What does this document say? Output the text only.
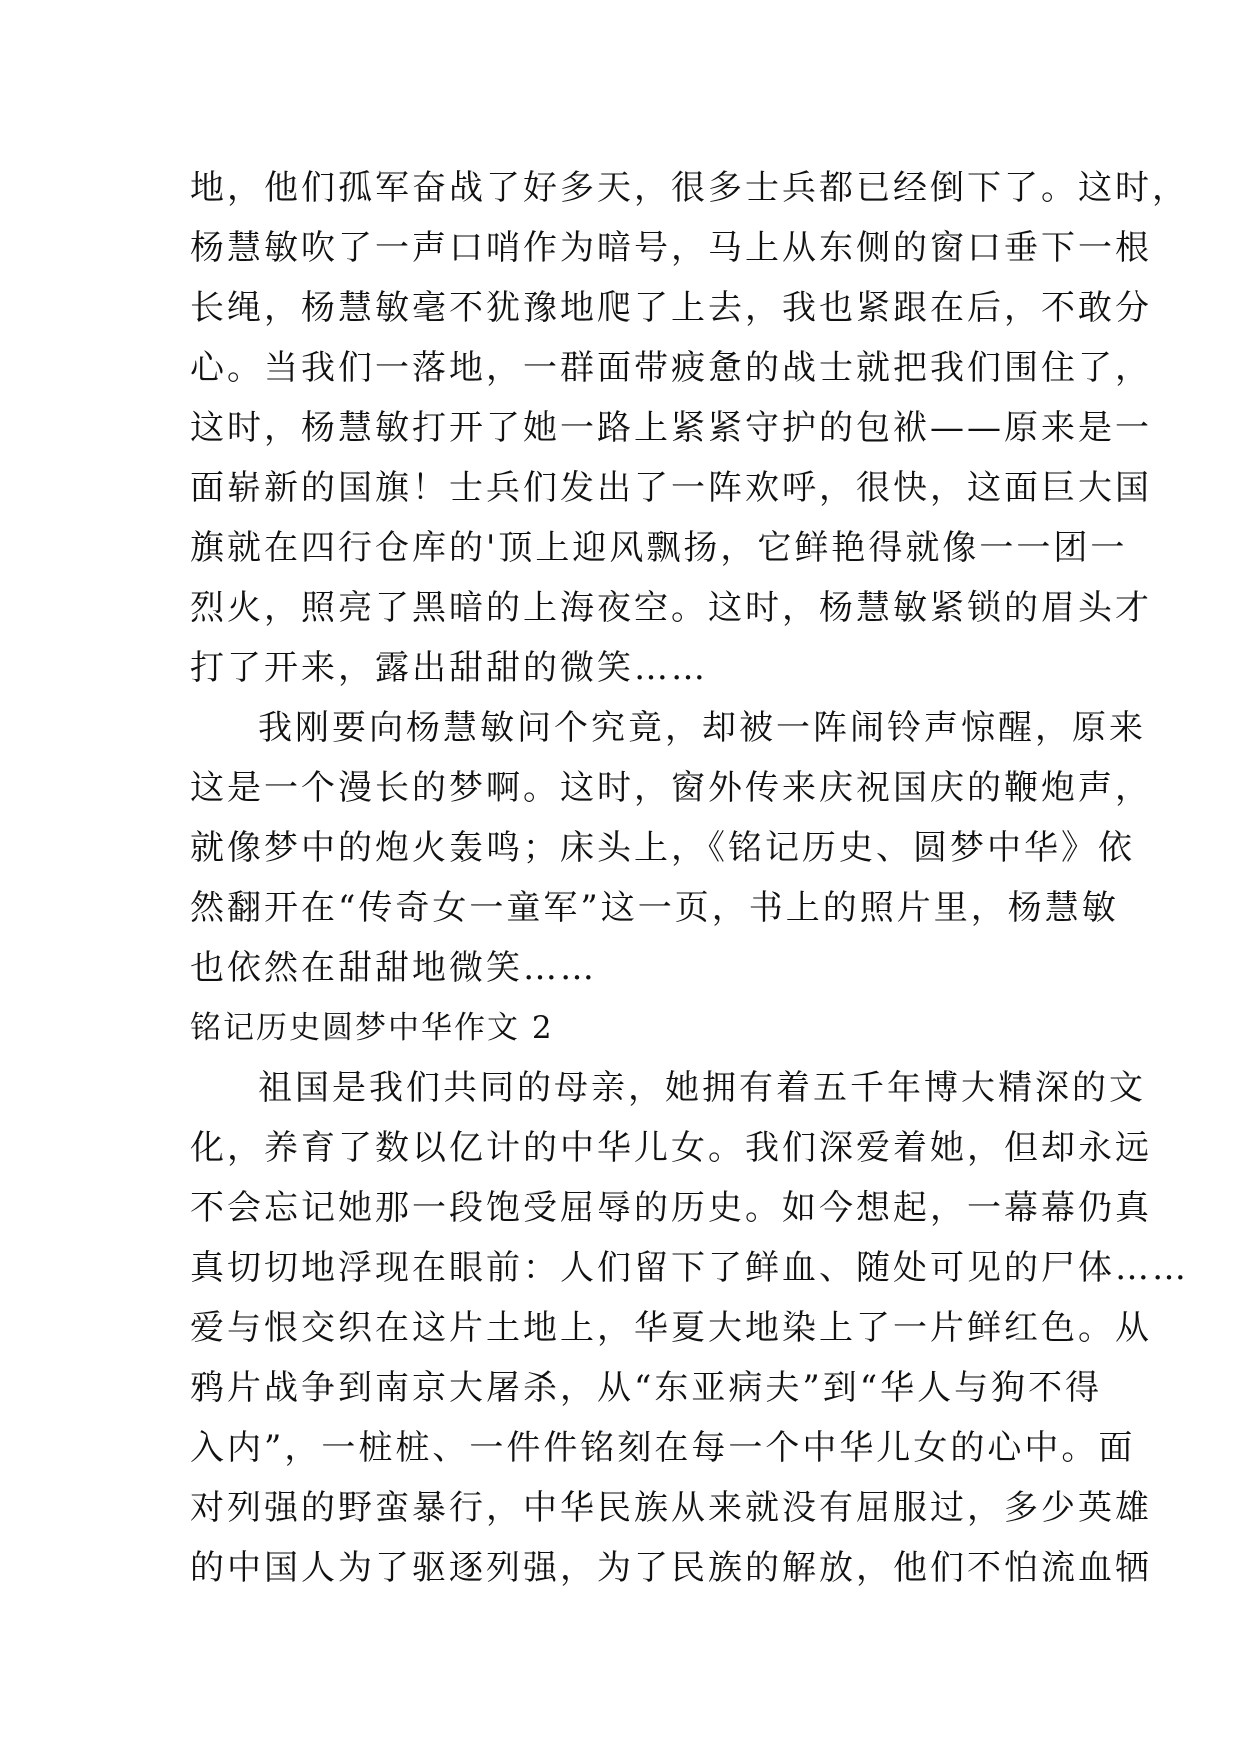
地，他们孤军奋战了好多天，很多士兵都已经倒下了。这时，
杨慧敏吹了一声口哨作为暗号，马上从东侧的窗口垂下一根
长绳，杨慧敏毫不犹豫地爬了上去，我也紧跟在后，不敢分
心。当我们一落地，一群面带疲惫的战士就把我们围住了，
这时，杨慧敏打开了她一路上紧紧守护的包袱——原来是一
面崭新的国旗！士兵们发出了一阵欢呼，很快，这面巨大国
旗就在四行仓库的'顶上迎风飘扬，它鲜艳得就像一一团一
烈火，照亮了黑暗的上海夜空。这时，杨慧敏紧锁的眉头才
打了开来，露出甜甜的微笑……
我刚要向杨慧敏问个究竟，却被一阵闹铃声惊醒，原来
这是一个漫长的梦啊。这时，窗外传来庆祝国庆的鞭炮声，
就像梦中的炮火轰鸣；床头上，《铭记历史、圆梦中华》依
然翻开在“传奇女一童军”这一页，书上的照片里，杨慧敏
也依然在甜甜地微笑……
铭记历史圆梦中华作文 2
祖国是我们共同的母亲，她拥有着五千年博大精深的文
化，养育了数以亿计的中华儿女。我们深爱着她，但却永远
不会忘记她那一段饱受屈辱的历史。如今想起，一幕幕仍真
真切切地浮现在眼前：人们留下了鲜血、随处可见的尸体……
爱与恨交织在这片土地上，华夏大地染上了一片鲜红色。从
鸦片战争到南京大屠杀，从“东亚病夫”到“华人与狗不得
入内”，一桩桩、一件件铭刻在每一个中华儿女的心中。面
对列强的野蛮暴行，中华民族从来就没有屈服过，多少英雄
的中国人为了驱逐列强，为了民族的解放，他们不怕流血牺
